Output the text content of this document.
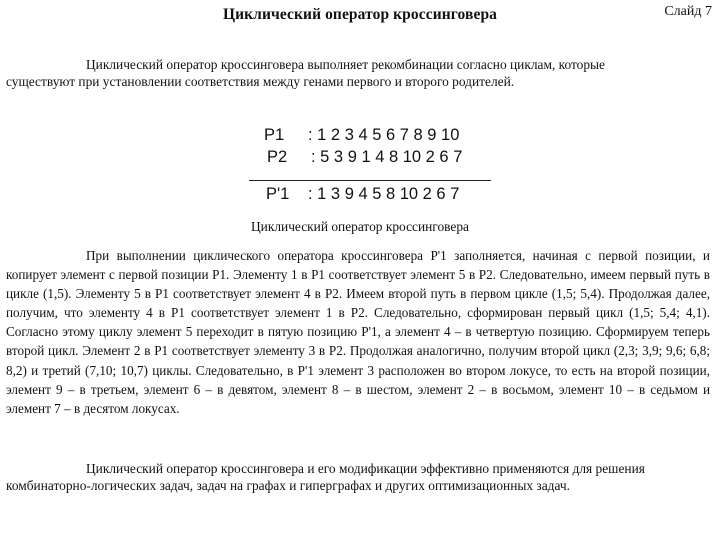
Циклический оператор кроссинговера	Слайд 7

Циклический оператор кроссинговера выполняет рекомбинации согласно циклам, которые
существуют при установлении соответствия между генами первого и второго родителей.

P1 : 1 2 3 4 5 6 7 8 9 10
P2 : 5 3 9 1 4 8 10 2 6 7
P'1 : 1 3 9 4 5 8 10 2 6 7
Циклический оператор кроссинговера

При выполнении циклического оператора кроссинговера P'1 заполняется, начиная с первой позиции, и копирует элемент с первой позиции P1. Элементу 1 в P1 соответствует элемент 5 в P2. Следовательно, имеем первый путь в цикле (1,5). Элементу 5 в P1 соответствует элемент 4 в P2. Имеем второй путь в первом цикле (1,5; 5,4). Продолжая далее, получим, что элементу 4 в P1 соответствует элемент 1 в P2. Следовательно, сформирован первый цикл (1,5; 5,4; 4,1). Согласно этому циклу элемент 5 переходит в пятую позицию P'1, а элемент 4 – в четвертую позицию. Сформируем теперь второй цикл. Элемент 2 в P1 соответствует элементу 3 в P2. Продолжая аналогично, получим второй цикл (2,3; 3,9; 9,6; 6,8; 8,2) и третий (7,10; 10,7) циклы. Следовательно, в P'1 элемент 3 расположен во втором локусе, то есть на второй позиции, элемент 9 – в третьем, элемент 6 – в девятом, элемент 8 – в шестом, элемент 2 – в восьмом, элемент 10 – в седьмом и элемент 7 – в десятом локусах.

Циклический оператор кроссинговера и его модификации эффективно применяются для решения
комбинаторно-логических задач, задач на графах и гиперграфах и других оптимизационных задач.
